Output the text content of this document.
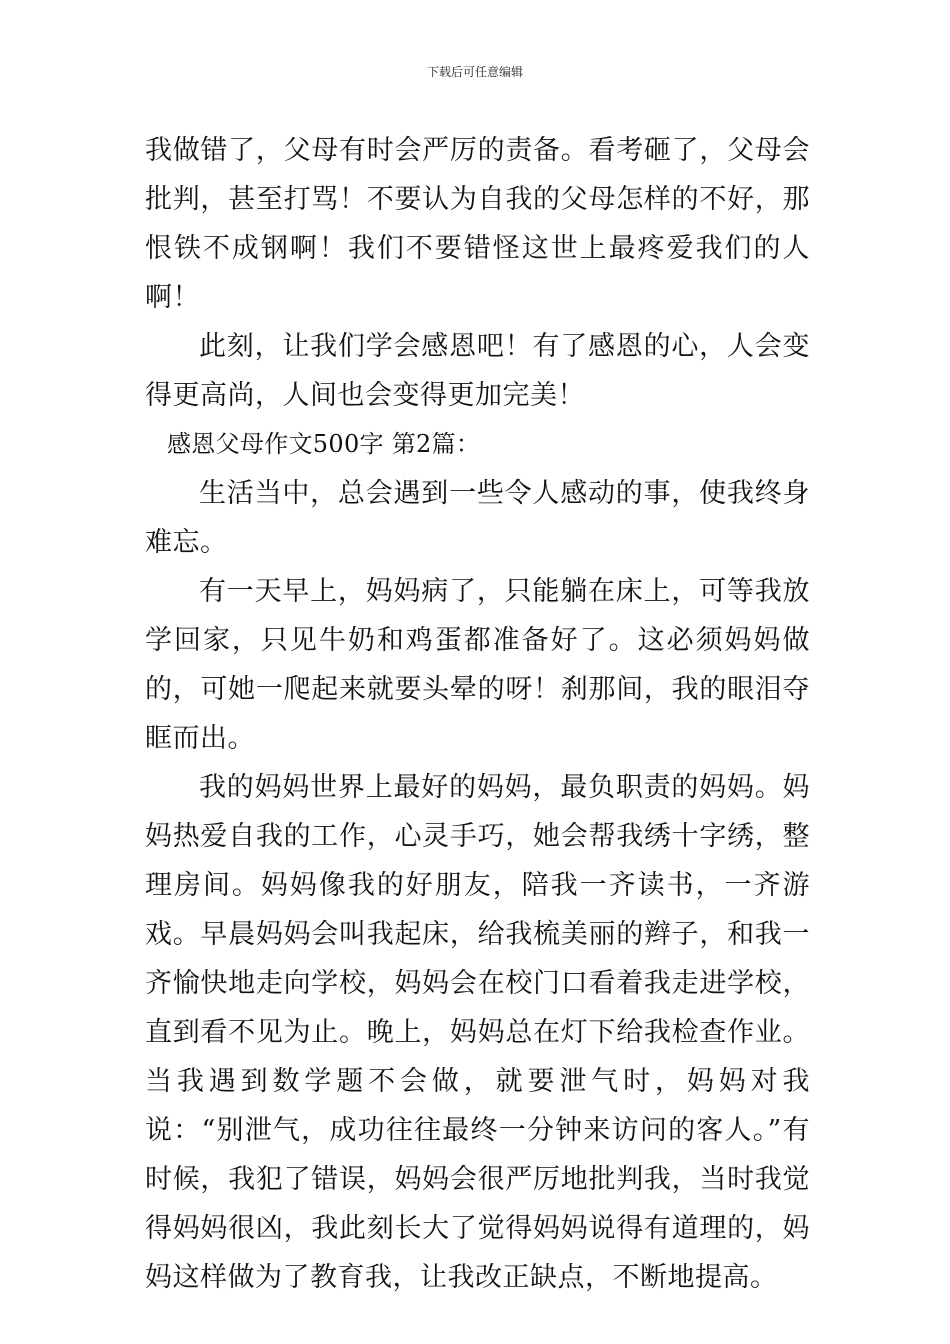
下载后可任意编辑

我做错了，父母有时会严厉的责备。看考砸了，父母会批判，甚至打骂！不要认为自我的父母怎样的不好，那恨铁不成钢啊！我们不要错怪这世上最疼爱我们的人啊！

此刻，让我们学会感恩吧！有了感恩的心，人会变得更高尚，人间也会变得更加完美！

感恩父母作文500字 第2篇：

生活当中，总会遇到一些令人感动的事，使我终身难忘。

有一天早上，妈妈病了，只能躺在床上，可等我放学回家，只见牛奶和鸡蛋都准备好了。这必须妈妈做的，可她一爬起来就要头晕的呀！刹那间，我的眼泪夺眶而出。

我的妈妈世界上最好的妈妈，最负职责的妈妈。妈妈热爱自我的工作，心灵手巧，她会帮我绣十字绣，整理房间。妈妈像我的好朋友，陪我一齐读书，一齐游戏。早晨妈妈会叫我起床，给我梳美丽的辫子，和我一齐愉快地走向学校，妈妈会在校门口看着我走进学校，直到看不见为止。晚上，妈妈总在灯下给我检查作业。当我遇到数学题不会做，就要泄气时，妈妈对我说：“别泄气，成功往往最终一分钟来访问的客人。”有时候，我犯了错误，妈妈会很严厉地批判我，当时我觉得妈妈很凶，我此刻长大了觉得妈妈说得有道理的，妈妈这样做为了教育我，让我改正缺点，不断地提高。
